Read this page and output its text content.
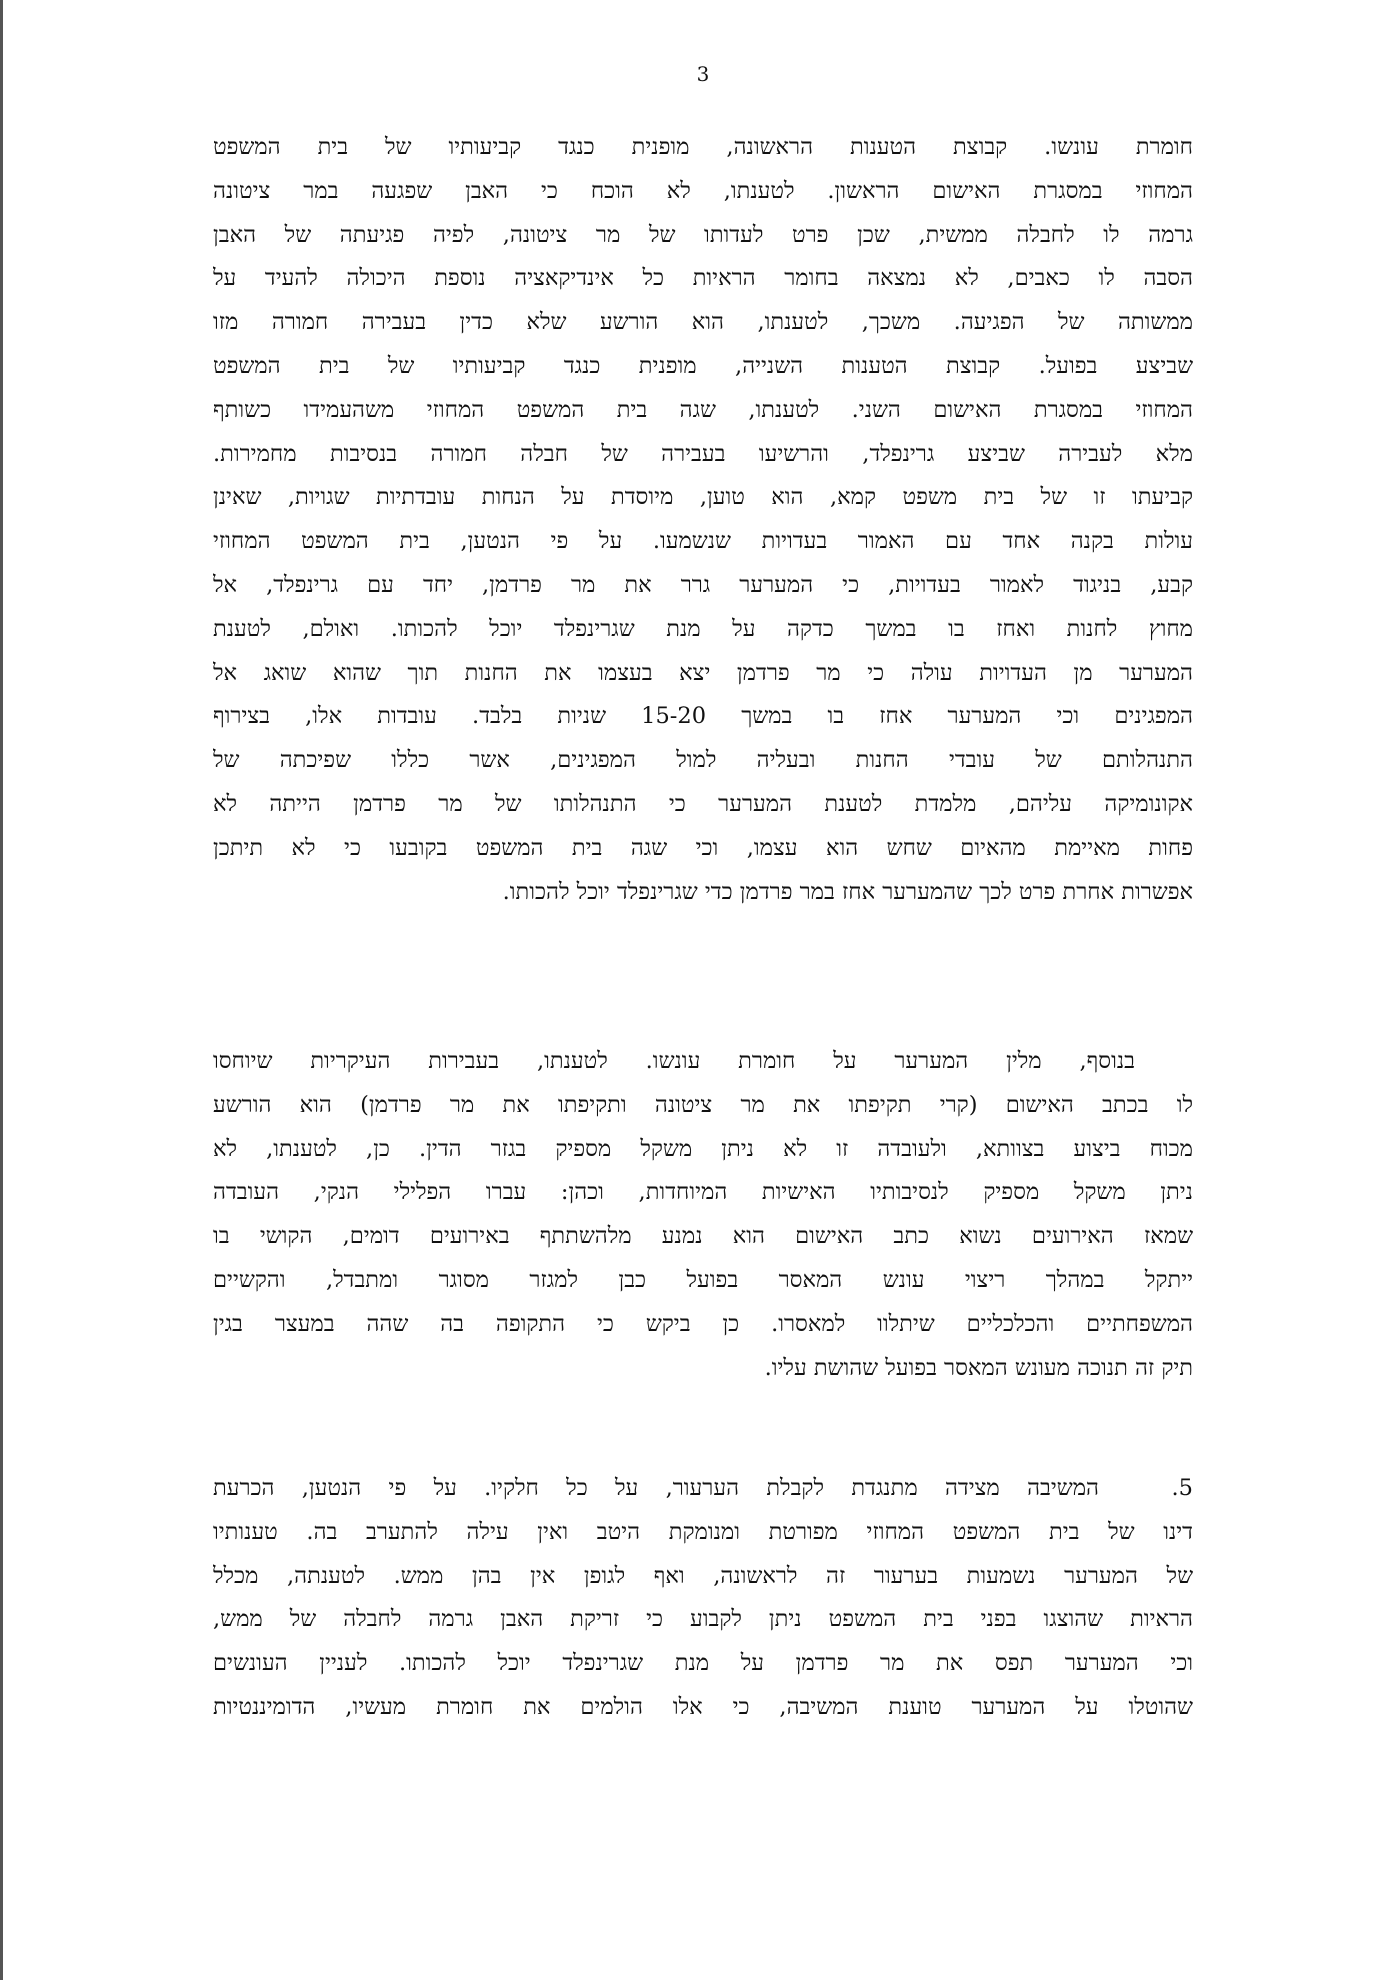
3
חומרת עונשו. קבוצת הטענות הראשונה, מופנית כנגד קביעותיו של בית המשפט
המחוזי במסגרת האישום הראשון. לטענתו, לא הוכח כי האבן שפגעה במר ציטונה
גרמה לו לחבלה ממשית, שכן פרט לעדותו של מר ציטונה, לפיה פגיעתה של האבן
הסבה לו כאבים, לא נמצאה בחומר הראיות כל אינדיקאציה נוספת היכולה להעיד על
ממשותה של הפגיעה. משכך, לטענתו, הוא הורשע שלא כדין בעבירה חמורה מזו
שביצע בפועל. קבוצת הטענות השנייה, מופנית כנגד קביעותיו של בית המשפט
המחוזי במסגרת האישום השני. לטענתו, שגה בית המשפט המחוזי משהעמידו כשותף
מלא לעבירה שביצע גרינפלד, והרשיעו בעבירה של חבלה חמורה בנסיבות מחמירות.
קביעתו זו של בית משפט קמא, הוא טוען, מיוסדת על הנחות עובדתיות שגויות, שאינן
עולות בקנה אחד עם האמור בעדויות שנשמעו. על פי הנטען, בית המשפט המחוזי
קבע, בניגוד לאמור בעדויות, כי המערער גרר את מר פרדמן, יחד עם גרינפלד, אל
מחוץ לחנות ואחז בו במשך כדקה על מנת שגרינפלד יוכל להכותו. ואולם, לטענת
המערער מן העדויות עולה כי מר פרדמן יצא בעצמו את החנות תוך שהוא שואג אל
המפגינים וכי המערער אחז בו במשך 15-20 שניות בלבד. עובדות אלו, בצירוף
התנהלותם של עובדי החנות ובעליה למול המפגינים, אשר כללו שפיכתה של
אקונומיקה עליהם, מלמדת לטענת המערער כי התנהלותו של מר פרדמן הייתה לא
פחות מאיימת מהאיום שחש הוא עצמו, וכי שגה בית המשפט בקובעו כי לא תיתכן
אפשרות אחרת פרט לכך שהמערער אחז במר פרדמן כדי שגרינפלד יוכל להכותו.
בנוסף, מלין המערער על חומרת עונשו. לטענתו, בעבירות העיקריות שיוחסו
לו בכתב האישום (קרי תקיפתו את מר ציטונה ותקיפתו את מר פרדמן) הוא הורשע
מכוח ביצוע בצוותא, ולעובדה זו לא ניתן משקל מספיק בגזר הדין. כן, לטענתו, לא
ניתן משקל מספיק לנסיבותיו האישיות המיוחדות, וכהן: עברו הפלילי הנקי, העובדה
שמאז האירועים נשוא כתב האישום הוא נמנע מלהשתתף באירועים דומים, הקושי בו
ייתקל במהלך ריצוי עונש המאסר בפועל כבן למגזר מסוגר ומתבדל, והקשיים
המשפחתיים והכלכליים שיתלוו למאסרו. כן ביקש כי התקופה בה שהה במעצר בגין
תיק זה תנוכה מעונש המאסר בפועל שהושת עליו.
5.
המשיבה מצידה מתנגדת לקבלת הערעור, על כל חלקיו. על פי הנטען, הכרעת
דינו של בית המשפט המחוזי מפורטת ומנומקת היטב ואין עילה להתערב בה. טענותיו
של המערער נשמעות בערעור זה לראשונה, ואף לגופן אין בהן ממש. לטענתה, מכלל
הראיות שהוצגו בפני בית המשפט ניתן לקבוע כי זריקת האבן גרמה לחבלה של ממש,
וכי המערער תפס את מר פרדמן על מנת שגרינפלד יוכל להכותו. לעניין העונשים
שהוטלו על המערער טוענת המשיבה, כי אלו הולמים את חומרת מעשיו, הדומיננטיות
